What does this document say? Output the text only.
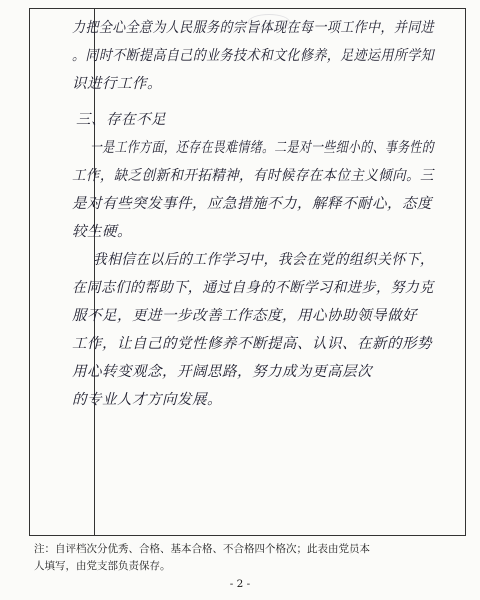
力把全心全意为人民服务的宗旨体现在每一项工作中，并同进
。同时不断提高自己的业务技术和文化修养，足迹运用所学知
识进行工作。
三、存在不足
一是工作方面，还存在畏难情绪。二是对一些细小的、事务性的
工作，缺乏创新和开拓精神，有时候存在本位主义倾向。三
是对有些突发事件，应急措施不力，解释不耐心，态度
较生硬。
我相信在以后的工作学习中，我会在党的组织关怀下，
在同志们的帮助下，通过自身的不断学习和进步，努力克
服不足，更进一步改善工作态度，用心协助领导做好
工作，让自己的党性修养不断提高、认识、在新的形势
用心转变观念，开阔思路，努力成为更高层次
的专业人才方向发展。
注：自评档次分优秀、合格、基本合格、不合格四个格次；此表由党员本
人填写，由党支部负责保存。
- 2 -
